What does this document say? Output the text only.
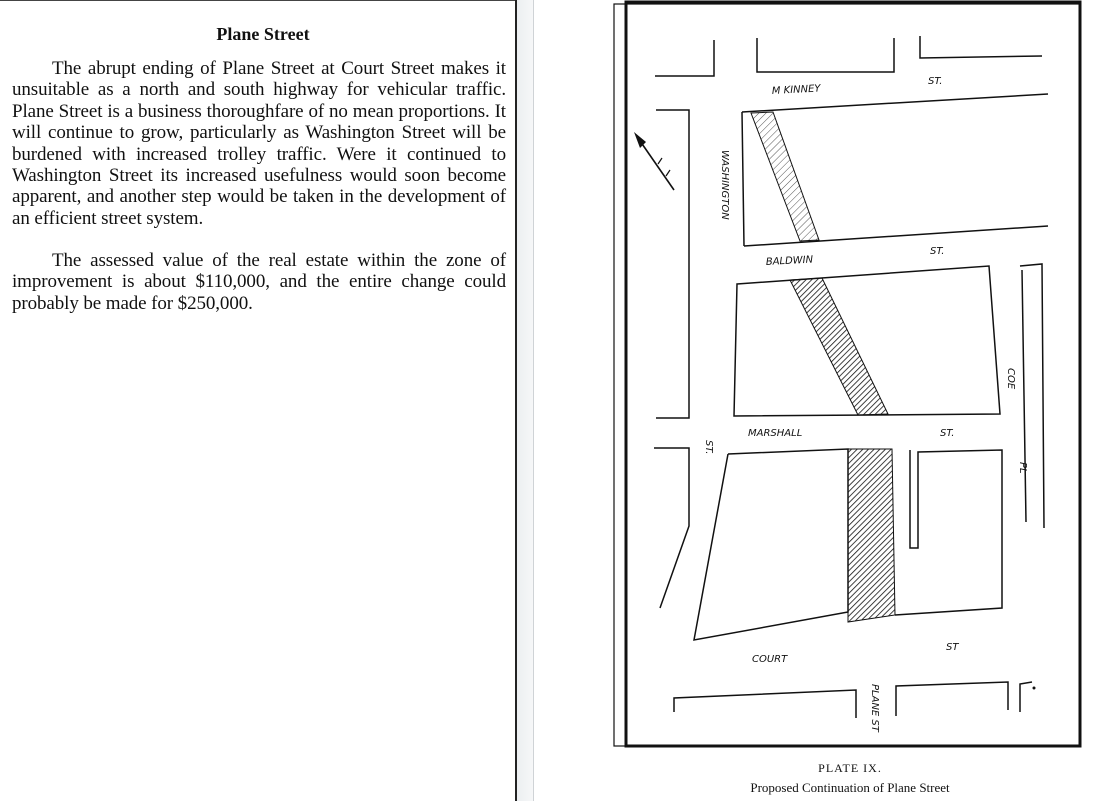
Plane Street

The abrupt ending of Plane Street at Court Street makes it unsuitable as a north and south highway for vehicular traffic. Plane Street is a business thoroughfare of no mean proportions. It will continue to grow, particularly as Washington Street will be burdened with increased trolley traffic. Were it continued to Washington Street its increased usefulness would soon become apparent, and another step would be taken in the development of an efficient street system.

The assessed value of the real estate within the zone of improvement is about $110,000, and the entire change could probably be made for $250,000.

M KINNEY
ST.
WASHINGTON
BALDWIN
ST.
MARSHALL	ST.
ST.
COE
PL
COURT
ST
PLANE ST

PLATE IX.

Proposed Continuation of Plane Street
